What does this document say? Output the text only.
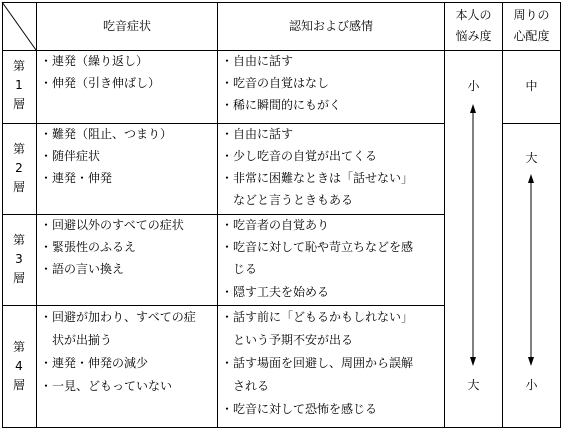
吃音症状	認知および感情
本人の
悩み度
周りの
心配度
第
1
層
・連発（繰り返し）
・伸発（引き伸ばし）
・自由に話す
・吃音の自覚はなし
・稀に瞬間的にもがく
第
2
層
・難発（阻止、つまり）
・随伴症状
・連発・伸発
・自由に話す
・少し吃音の自覚が出てくる
・非常に困難なときは「話せない」
　などと言うときもある
第
3
層
・回避以外のすべての症状
・緊張性のふるえ
・語の言い換え
・吃音者の自覚あり
・吃音に対して恥や苛立ちなどを感
　じる
・隠す工夫を始める
第
4
層
・回避が加わり、すべての症
　状が出揃う
・連発・伸発の減少
・一見、どもっていない
・話す前に「どもるかもしれない」
　という予期不安が出る
・話す場面を回避し、周囲から誤解
　される
・吃音に対して恐怖を感じる
小
大
中
大
小
